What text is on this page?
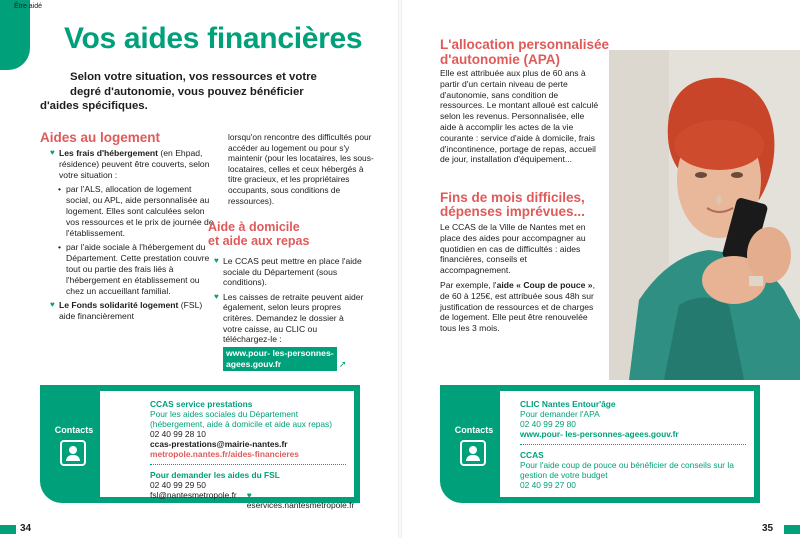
Être aidé
Vos aides financières
Selon votre situation, vos ressources et votre
degré d'autonomie, vous pouvez bénéficier
d'aides spécifiques.
Aides au logement
♥ Les frais d'hébergement (en Ehpad, résidence) peuvent être couverts, selon votre situation :
• par l'ALS, allocation de logement social, ou APL, aide personnalisée au logement. Elles sont calculées selon vos ressources et le prix de journée de l'établissement.
• par l'aide sociale à l'hébergement du Département. Cette prestation couvre tout ou partie des frais liés à l'hébergement en établissement ou chez un accueillant familial.
♥ Le Fonds solidarité logement (FSL) aide financièrement
lorsqu'on rencontre des difficultés pour accéder au logement ou pour s'y maintenir (pour les locataires, les sous-locataires, celles et ceux hébergés à titre gracieux, et les propriétaires occupants, sous conditions de ressources).
Aide à domicile
et aide aux repas
♥ Le CCAS peut mettre en place l'aide sociale du Département (sous conditions).
♥ Les caisses de retraite peuvent aider également, selon leurs propres critères. Demandez le dossier à votre caisse, au CLIC ou téléchargez-le :
www.pour- les-personnes-
agees.gouv.fr	➚
Contacts
CCAS service prestations
Pour les aides sociales du Département (hébergement, aide à domicile et aide aux repas)
02 40 99 28 10
ccas-prestations@mairie-nantes.fr
metropole.nantes.fr/aides-financieres
Pour demander les aides du FSL
02 40 99 29 50
fsl@nantesmetropole.fr ♥ eservices.nantesmetropole.fr
34
L'allocation personnalisée
d'autonomie (APA)
Elle est attribuée aux plus de 60 ans à partir d'un certain niveau de perte d'autonomie, sans condition de ressources. Le montant alloué est calculé selon les revenus. Personnalisée, elle aide à accomplir les actes de la vie courante : service d'aide à domicile, frais d'incontinence, portage de repas, accueil de jour, installation d'équipement...
Fins de mois difficiles,
dépenses imprévues...

Le CCAS de la Ville de Nantes met en place des aides pour accompagner au quotidien en cas de difficultés : aides financières, conseils et accompagnement.

Par exemple, l'aide « Coup de pouce », de 60 à 125€, est attribuée sous 48h sur justification de ressources et de charges de logement. Elle peut être renouvelée tous les 3 mois.

Contacts
CLIC Nantes Entour'âge
Pour demander l'APA
02 40 99 29 80
www.pour- les-personnes-agees.gouv.fr
CCAS
Pour l'aide coup de pouce ou bénéficier de conseils sur la gestion de votre budget
02 40 99 27 00
35
